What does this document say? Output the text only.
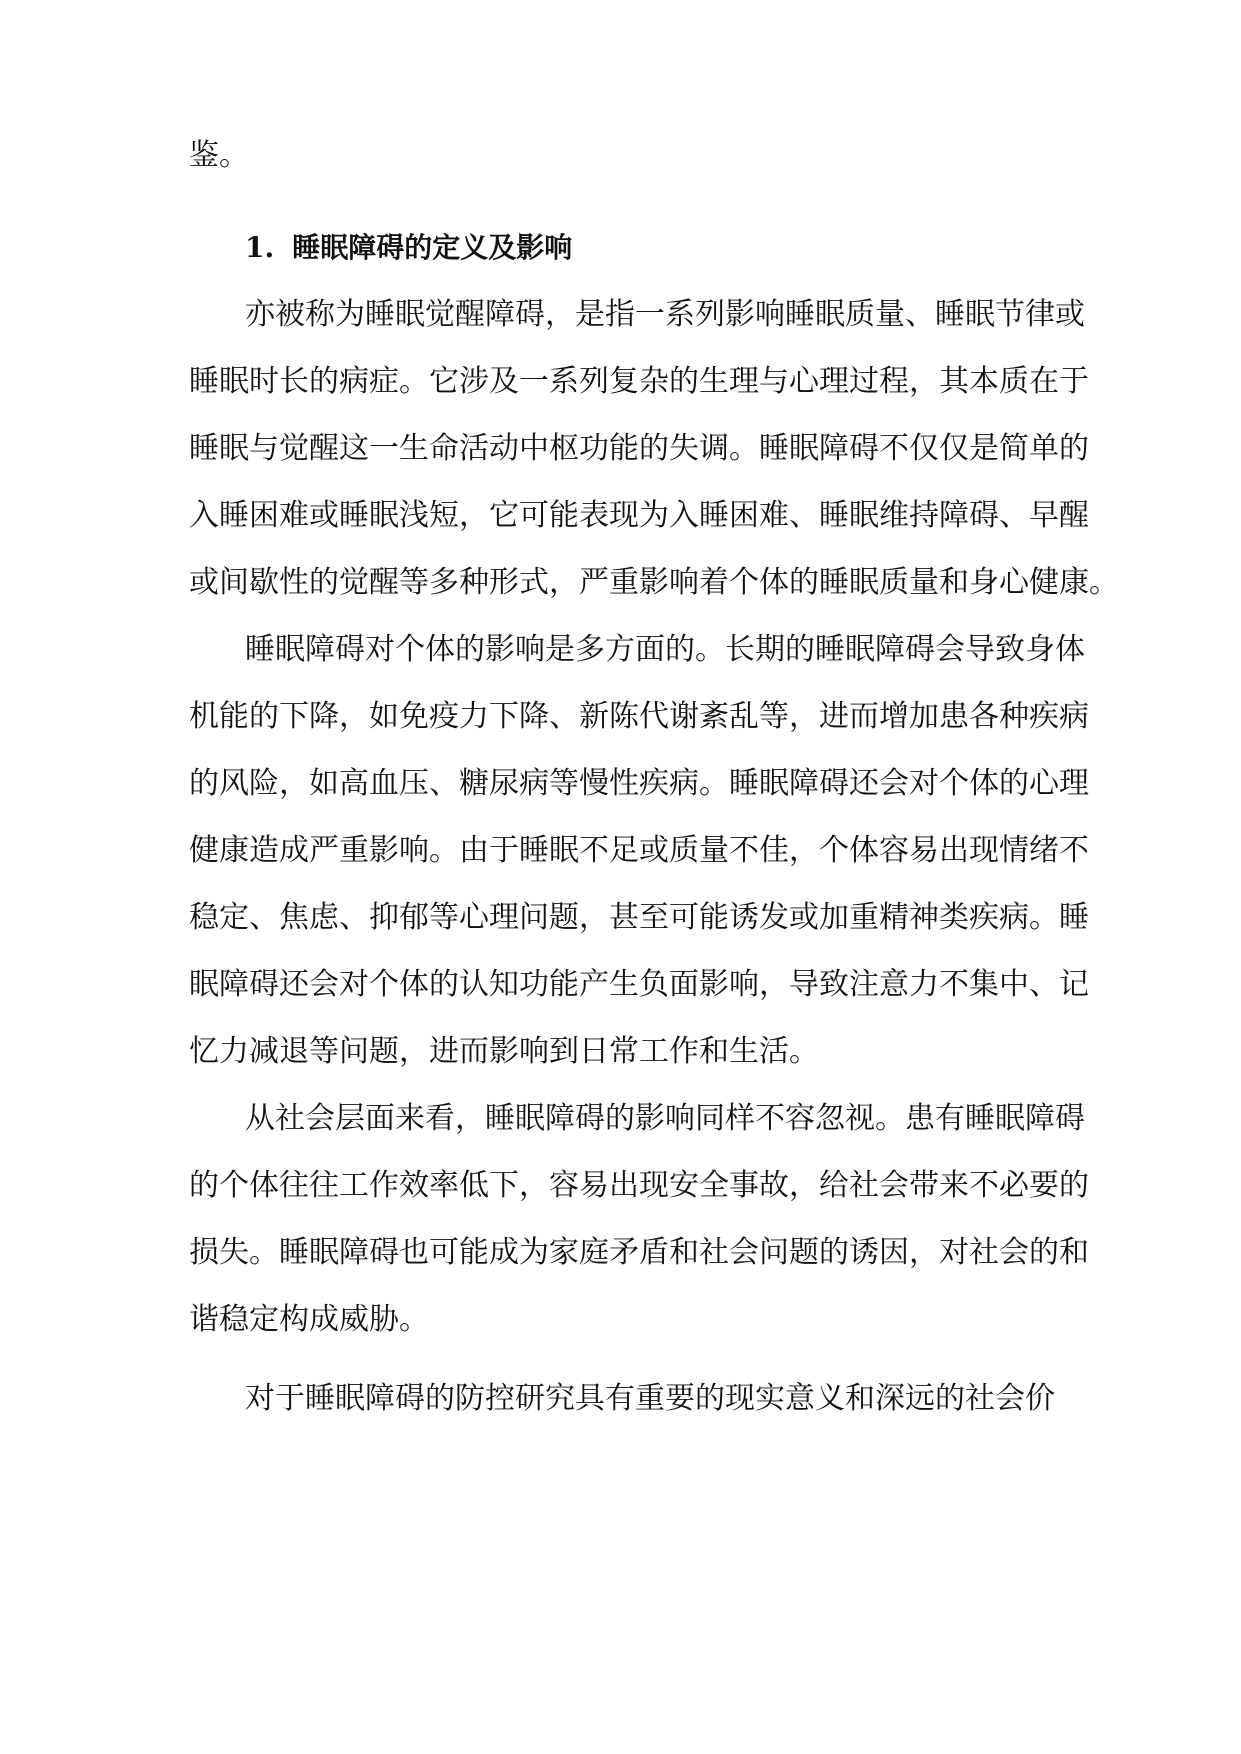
鉴。
1. 睡眠障碍的定义及影响
亦被称为睡眠觉醒障碍，是指一系列影响睡眠质量、睡眠节律或
睡眠时长的病症。它涉及一系列复杂的生理与心理过程，其本质在于
睡眠与觉醒这一生命活动中枢功能的失调。睡眠障碍不仅仅是简单的
入睡困难或睡眠浅短，它可能表现为入睡困难、睡眠维持障碍、早醒
或间歇性的觉醒等多种形式，严重影响着个体的睡眠质量和身心健康。
睡眠障碍对个体的影响是多方面的。长期的睡眠障碍会导致身体
机能的下降，如免疫力下降、新陈代谢紊乱等，进而增加患各种疾病
的风险，如高血压、糖尿病等慢性疾病。睡眠障碍还会对个体的心理
健康造成严重影响。由于睡眠不足或质量不佳，个体容易出现情绪不
稳定、焦虑、抑郁等心理问题，甚至可能诱发或加重精神类疾病。睡
眠障碍还会对个体的认知功能产生负面影响，导致注意力不集中、记
忆力减退等问题，进而影响到日常工作和生活。
从社会层面来看，睡眠障碍的影响同样不容忽视。患有睡眠障碍
的个体往往工作效率低下，容易出现安全事故，给社会带来不必要的
损失。睡眠障碍也可能成为家庭矛盾和社会问题的诱因，对社会的和
谐稳定构成威胁。
对于睡眠障碍的防控研究具有重要的现实意义和深远的社会价
